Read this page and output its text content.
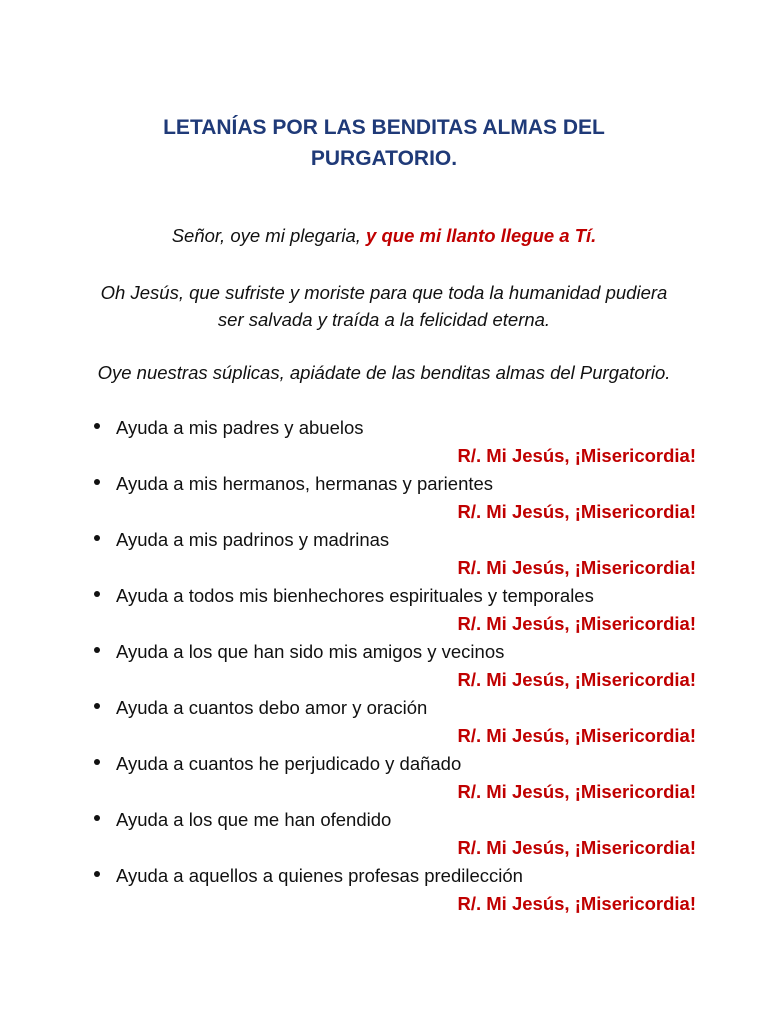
LETANÍAS POR LAS BENDITAS ALMAS DEL
PURGATORIO.
Señor, oye mi plegaria, y que mi llanto llegue a Tí.
Oh Jesús, que sufriste y moriste para que toda la humanidad pudiera
ser salvada y traída a la felicidad eterna.
Oye nuestras súplicas, apiádate de las benditas almas del Purgatorio.
Ayuda a mis padres y abuelos
R/. Mi Jesús, ¡Misericordia!
Ayuda a mis hermanos, hermanas y parientes
R/. Mi Jesús, ¡Misericordia!
Ayuda a mis padrinos y madrinas
R/. Mi Jesús, ¡Misericordia!
Ayuda a todos mis bienhechores espirituales y temporales
R/. Mi Jesús, ¡Misericordia!
Ayuda a los que han sido mis amigos y vecinos
R/. Mi Jesús, ¡Misericordia!
Ayuda a cuantos debo amor y oración
R/. Mi Jesús, ¡Misericordia!
Ayuda a cuantos he perjudicado y dañado
R/. Mi Jesús, ¡Misericordia!
Ayuda a los que me han ofendido
R/. Mi Jesús, ¡Misericordia!
Ayuda a aquellos a quienes profesas predilección
R/. Mi Jesús, ¡Misericordia!
